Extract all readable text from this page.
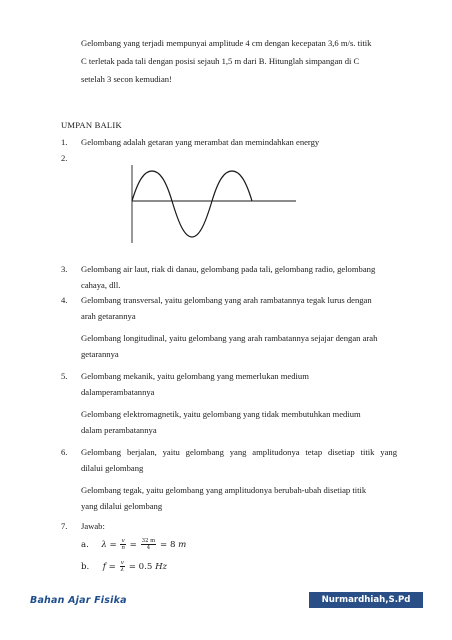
Gelombang yang terjadi mempunyai amplitude 4 cm dengan kecepatan 3,6 m/s. titik
C terletak pada tali dengan posisi sejauh 1,5 m dari B. Hitunglah simpangan di C
setelah 3 secon kemudian!
UMPAN BALIK
1. Gelombang adalah getaran yang merambat dan memindahkan energy
2.
3. Gelombang air laut, riak di danau, gelombang pada tali, gelombang radio, gelombang
cahaya, dll.
4. Gelombang transversal, yaitu gelombang yang arah rambatannya tegak lurus dengan
arah getarannya
Gelombang longitudinal, yaitu gelombang yang arah rambatannya sejajar dengan arah
getarannya
5. Gelombang mekanik, yaitu gelombang yang memerlukan medium
dalamperambatannya
Gelombang elektromagnetik, yaitu gelombang yang tidak membutuhkan medium
dalam perambatannya
6. Gelombang berjalan, yaitu gelombang yang amplitudonya tetap disetiap titik yang
dilalui gelombang
Gelombang tegak, yaitu gelombang yang amplitudonya berubah-ubah disetiap titik
yang dilalui gelombang
7. Jawab:
a. $\lambda = \frac{v}{n} = \frac{32 m}{4} = 8$ m
b. $f = \frac{v}{\lambda} = 0.5$ Hz
Bahan Ajar Fisika	Nurmardhiah,S.Pd
